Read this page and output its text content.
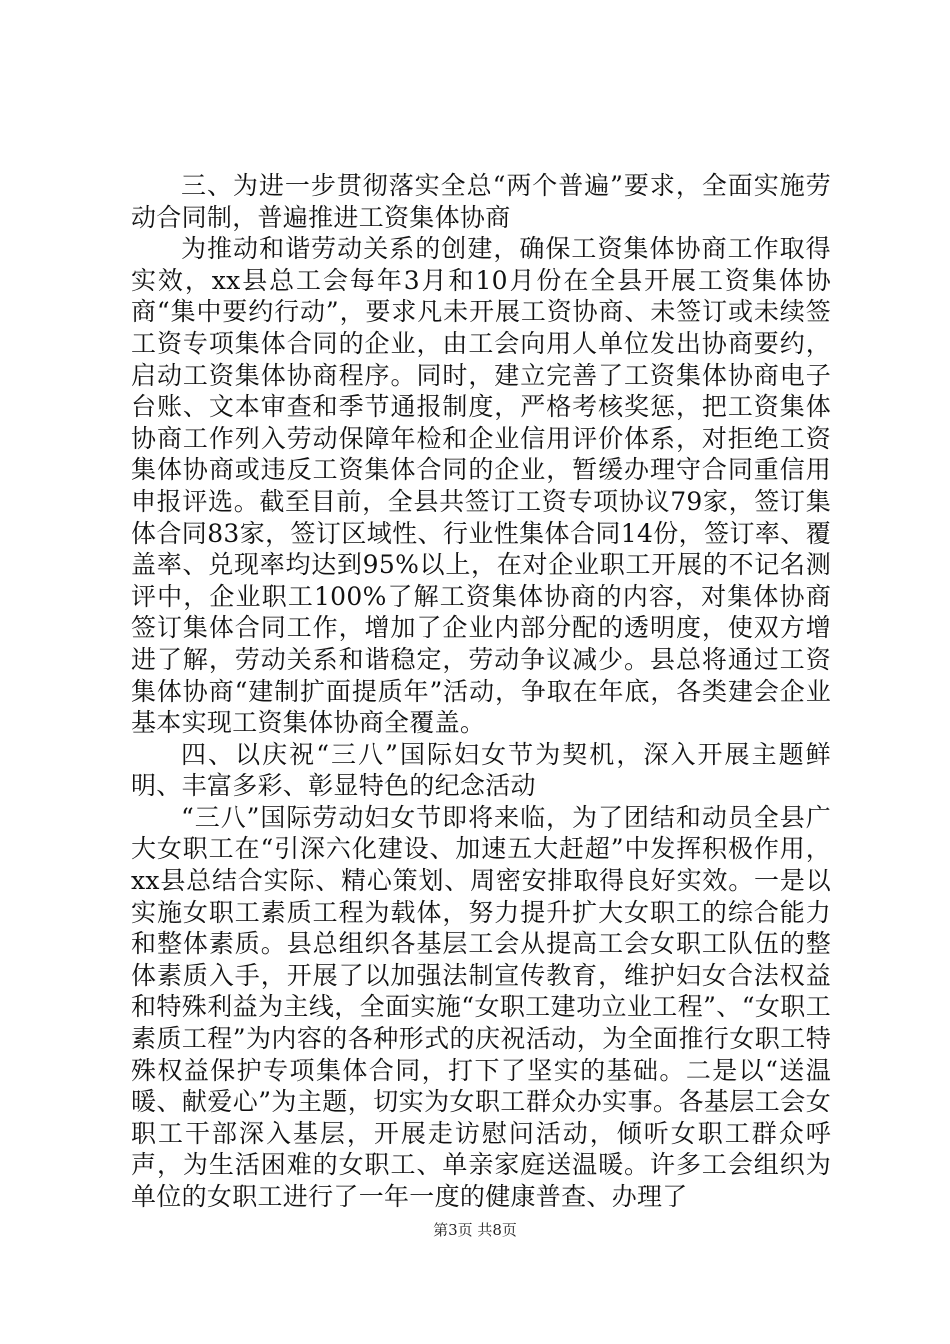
三、为进一步贯彻落实全总“两个普遍”要求，全面实施劳动合同制，普遍推进工资集体协商

为推动和谐劳动关系的创建，确保工资集体协商工作取得实效，xx县总工会每年3月和10月份在全县开展工资集体协商“集中要约行动”，要求凡未开展工资协商、未签订或未续签工资专项集体合同的企业，由工会向用人单位发出协商要约，启动工资集体协商程序。同时，建立完善了工资集体协商电子台账、文本审查和季节通报制度，严格考核奖惩，把工资集体协商工作列入劳动保障年检和企业信用评价体系，对拒绝工资集体协商或违反工资集体合同的企业，暂缓办理守合同重信用申报评选。截至目前，全县共签订工资专项协议79家，签订集体合同83家，签订区域性、行业性集体合同14份，签订率、覆盖率、兑现率均达到95%以上，在对企业职工开展的不记名测评中，企业职工100%了解工资集体协商的内容，对集体协商签订集体合同工作，增加了企业内部分配的透明度，使双方增进了解，劳动关系和谐稳定，劳动争议减少。县总将通过工资集体协商“建制扩面提质年”活动，争取在年底，各类建会企业基本实现工资集体协商全覆盖。

四、以庆祝“三八”国际妇女节为契机，深入开展主题鲜明、丰富多彩、彰显特色的纪念活动

“三八”国际劳动妇女节即将来临，为了团结和动员全县广大女职工在“引深六化建设、加速五大赶超”中发挥积极作用，xx县总结合实际、精心策划、周密安排取得良好实效。一是以实施女职工素质工程为载体，努力提升扩大女职工的综合能力和整体素质。县总组织各基层工会从提高工会女职工队伍的整体素质入手，开展了以加强法制宣传教育，维护妇女合法权益和特殊利益为主线，全面实施“女职工建功立业工程”、“女职工素质工程”为内容的各种形式的庆祝活动，为全面推行女职工特殊权益保护专项集体合同，打下了坚实的基础。二是以“送温暖、献爱心”为主题，切实为女职工群众办实事。各基层工会女职工干部深入基层，开展走访慰问活动，倾听女职工群众呼声，为生活困难的女职工、单亲家庭送温暖。许多工会组织为单位的女职工进行了一年一度的健康普查、办理了

第3页 共8页
